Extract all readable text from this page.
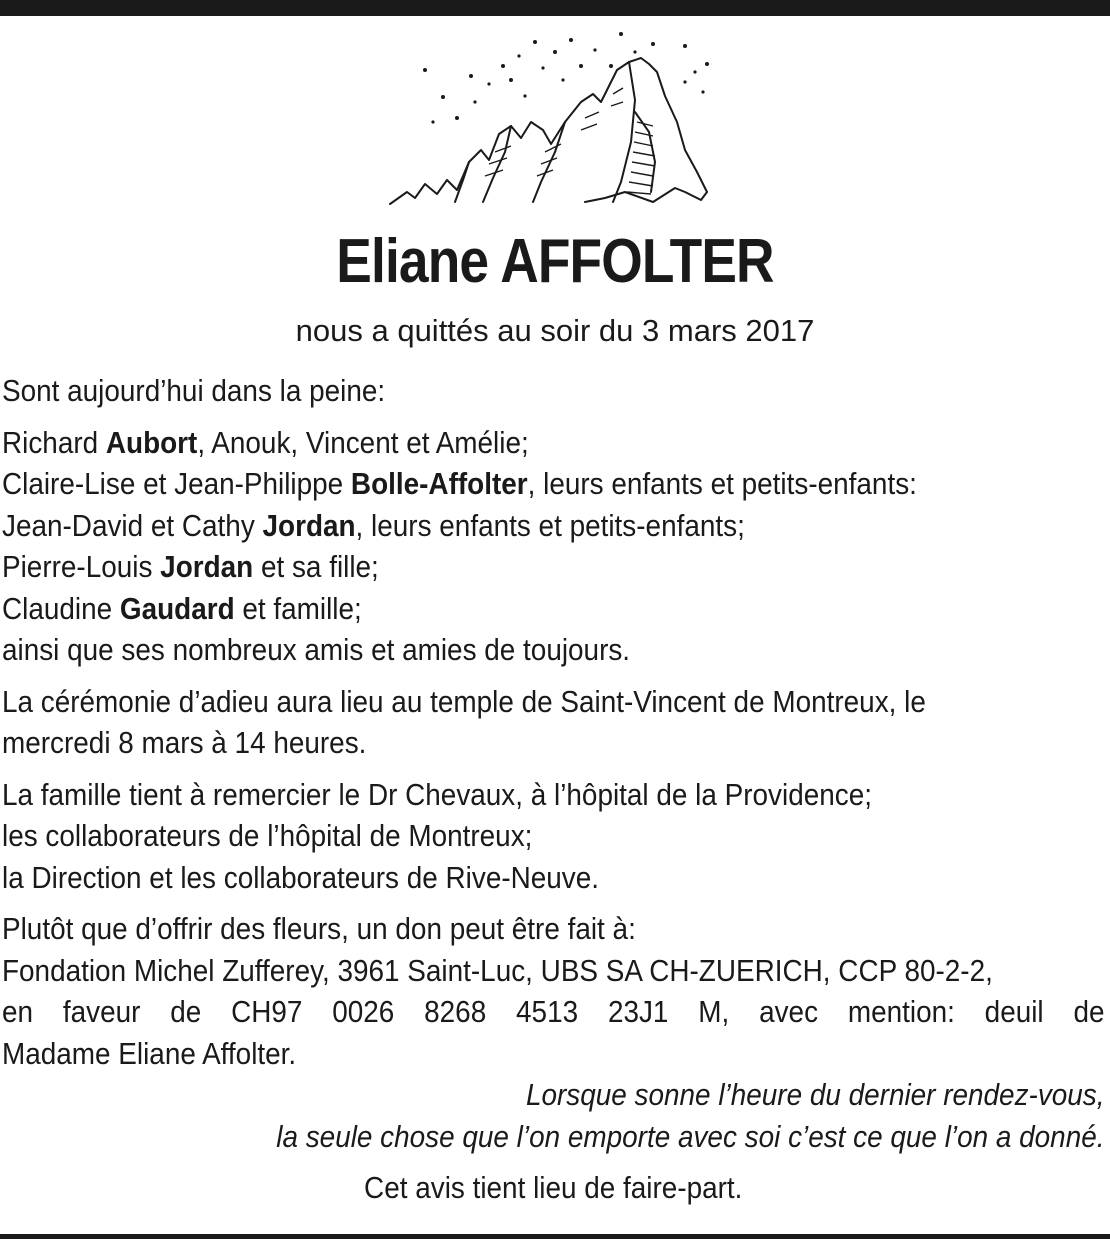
Eliane AFFOLTER
nous a quittés au soir du 3 mars 2017
Sont aujourd’hui dans la peine:
Richard Aubort, Anouk, Vincent et Amélie;
Claire-Lise et Jean-Philippe Bolle-Affolter, leurs enfants et petits-enfants:
Jean-David et Cathy Jordan, leurs enfants et petits-enfants;
Pierre-Louis Jordan et sa fille;
Claudine Gaudard et famille;
ainsi que ses nombreux amis et amies de toujours.
La cérémonie d’adieu aura lieu au temple de Saint-Vincent de Montreux, le
mercredi 8 mars à 14 heures.
La famille tient à remercier le Dr Chevaux, à l’hôpital de la Providence;
les collaborateurs de l’hôpital de Montreux;
la Direction et les collaborateurs de Rive-Neuve.
Plutôt que d’offrir des fleurs, un don peut être fait à:
Fondation Michel Zufferey, 3961 Saint-Luc, UBS SA CH-ZUERICH, CCP 80-2-2,
en faveur de CH97 0026 8268 4513 23J1 M, avec mention: deuil de
Madame Eliane Affolter.
Lorsque sonne l’heure du dernier rendez-vous,
la seule chose que l’on emporte avec soi c’est ce que l’on a donné.
Cet avis tient lieu de faire-part.
